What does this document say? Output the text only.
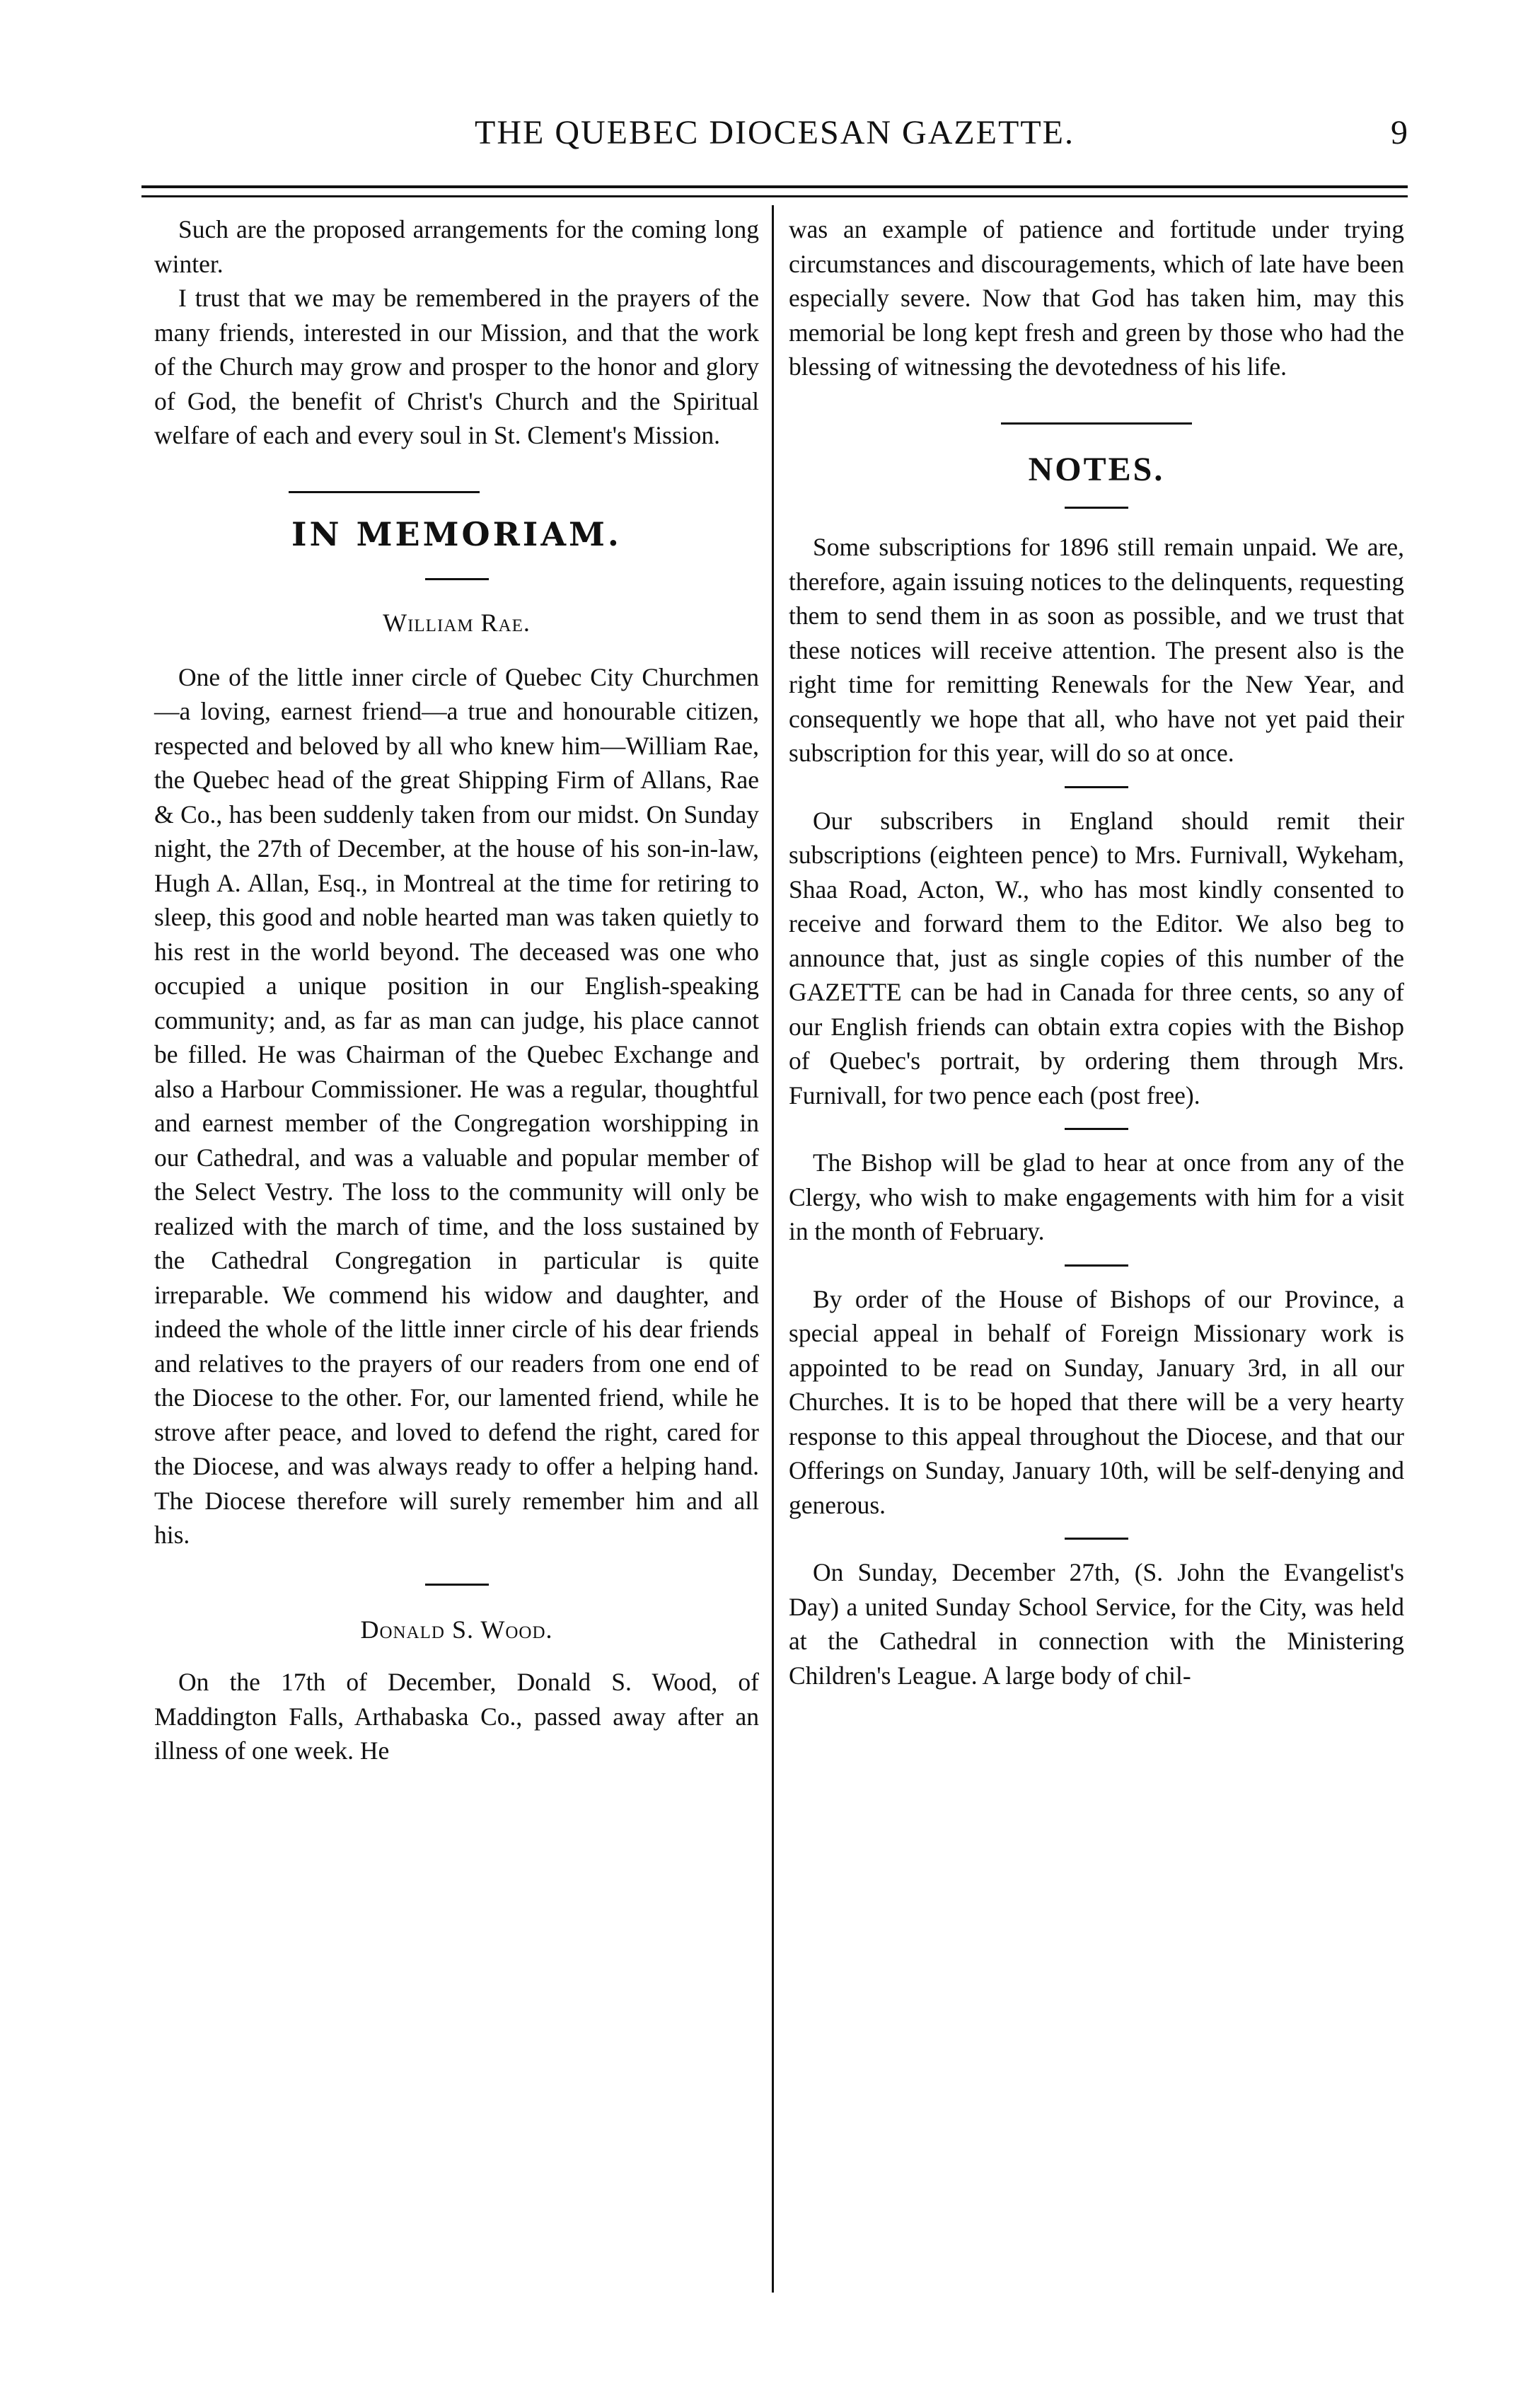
THE QUEBEC DIOCESAN GAZETTE.	9

Such are the proposed arrangements for the coming long winter.

I trust that we may be remembered in the prayers of the many friends, interested in our Mission, and that the work of the Church may grow and prosper to the honor and glory of God, the benefit of Christ's Church and the Spiritual welfare of each and every soul in St. Clement's Mission.

IN MEMORIAM.
William Rae.

One of the little inner circle of Quebec City Churchmen—a loving, earnest friend—a true and honourable citizen, respected and beloved by all who knew him—William Rae, the Quebec head of the great Shipping Firm of Allans, Rae & Co., has been suddenly taken from our midst. On Sunday night, the 27th of December, at the house of his son-in-law, Hugh A. Allan, Esq., in Montreal at the time for retiring to sleep, this good and noble hearted man was taken quietly to his rest in the world beyond. The deceased was one who occupied a unique position in our English-speaking community; and, as far as man can judge, his place cannot be filled. He was Chairman of the Quebec Exchange and also a Harbour Commissioner. He was a regular, thoughtful and earnest member of the Congregation worshipping in our Cathedral, and was a valuable and popular member of the Select Vestry. The loss to the community will only be realized with the march of time, and the loss sustained by the Cathedral Congregation in particular is quite irreparable. We commend his widow and daughter, and indeed the whole of the little inner circle of his dear friends and relatives to the prayers of our readers from one end of the Diocese to the other. For, our lamented friend, while he strove after peace, and loved to defend the right, cared for the Diocese, and was always ready to offer a helping hand. The Diocese therefore will surely remember him and all his.

Donald S. Wood.

On the 17th of December, Donald S. Wood, of Maddington Falls, Arthabaska Co., passed away after an illness of one week. He

was an example of patience and fortitude under trying circumstances and discouragements, which of late have been especially severe. Now that God has taken him, may this memorial be long kept fresh and green by those who had the blessing of witnessing the devotedness of his life.

NOTES.

Some subscriptions for 1896 still remain unpaid. We are, therefore, again issuing notices to the delinquents, requesting them to send them in as soon as possible, and we trust that these notices will receive attention. The present also is the right time for remitting Renewals for the New Year, and consequently we hope that all, who have not yet paid their subscription for this year, will do so at once.

Our subscribers in England should remit their subscriptions (eighteen pence) to Mrs. Furnivall, Wykeham, Shaa Road, Acton, W., who has most kindly consented to receive and forward them to the Editor. We also beg to announce that, just as single copies of this number of the GAZETTE can be had in Canada for three cents, so any of our English friends can obtain extra copies with the Bishop of Quebec's portrait, by ordering them through Mrs. Furnivall, for two pence each (post free).

The Bishop will be glad to hear at once from any of the Clergy, who wish to make engagements with him for a visit in the month of February.

By order of the House of Bishops of our Province, a special appeal in behalf of Foreign Missionary work is appointed to be read on Sunday, January 3rd, in all our Churches. It is to be hoped that there will be a very hearty response to this appeal throughout the Diocese, and that our Offerings on Sunday, January 10th, will be self-denying and generous.

On Sunday, December 27th, (S. John the Evangelist's Day) a united Sunday School Service, for the City, was held at the Cathedral in connection with the Ministering Children's League. A large body of chil-
